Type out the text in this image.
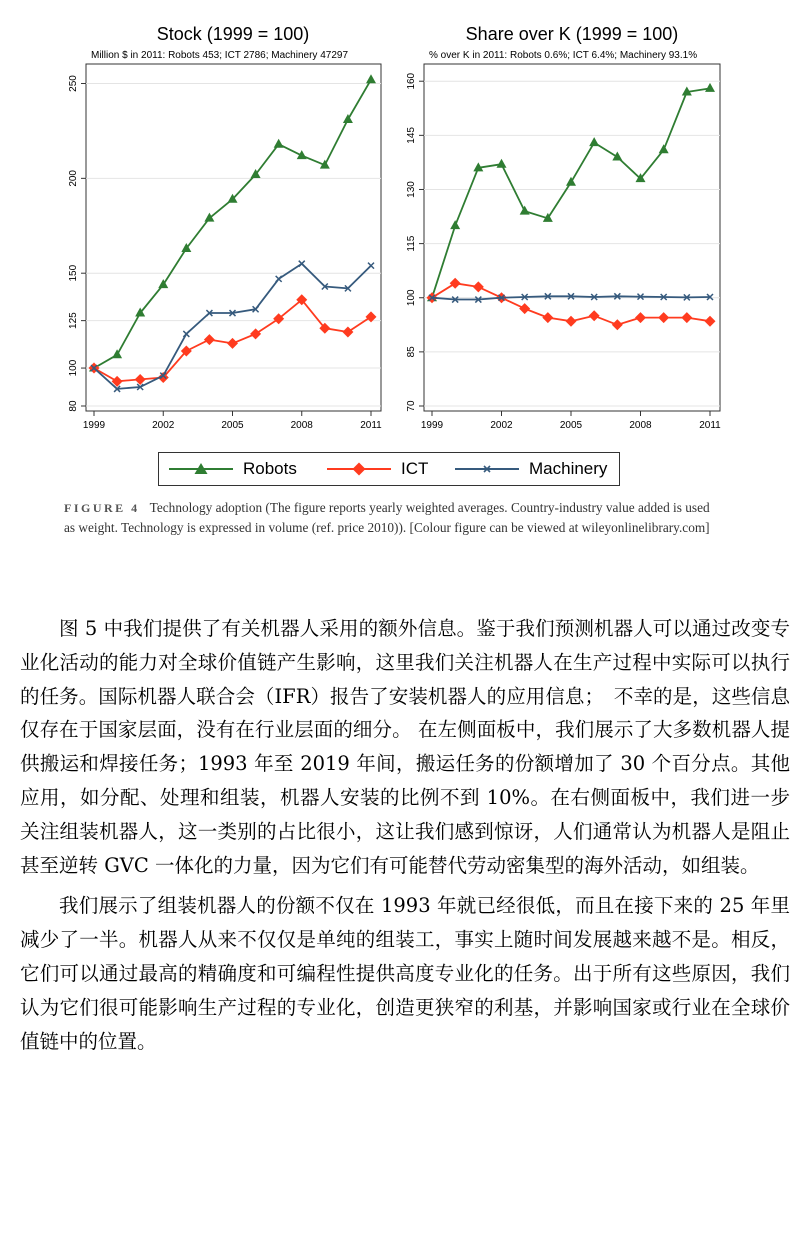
Stock (1999 = 100)
Million $ in 2011: Robots 453; ICT 2786; Machinery 47297
80
100
125
150
200
250
1999	2002	2005	2008	2011
Share over K (1999 = 100)
% over K in 2011: Robots 0.6%; ICT 6.4%; Machinery 93.1%
70
85
100
115
130
145
160
1999	2002	2005	2008	2011
Robots	ICT	Machinery
FIGURE 4 Technology adoption (The figure reports yearly weighted averages. Country-industry value added is used as weight. Technology is expressed in volume (ref. price 2010)). [Colour figure can be viewed at wileyonlinelibrary.com]

图 5 中我们提供了有关机器人采用的额外信息。鉴于我们预测机器人可以通过改变专业化活动的能力对全球价值链产生影响，这里我们关注机器人在生产过程中实际可以执行的任务。国际机器人联合会（IFR）报告了安装机器人的应用信息；　不幸的是，这些信息仅存在于国家层面，没有在行业层面的细分。 在左侧面板中，我们展示了大多数机器人提供搬运和焊接任务；1993 年至 2019 年间，搬运任务的份额增加了 30 个百分点。其他应用，如分配、处理和组装，机器人安装的比例不到 10%。在右侧面板中，我们进一步关注组装机器人，这一类别的占比很小，这让我们感到惊讶，人们通常认为机器人是阻止甚至逆转 GVC 一体化的力量，因为它们有可能替代劳动密集型的海外活动，如组装。

我们展示了组装机器人的份额不仅在 1993 年就已经很低，而且在接下来的 25 年里减少了一半。机器人从来不仅仅是单纯的组装工，事实上随时间发展越来越不是。相反，它们可以通过最高的精确度和可编程性提供高度专业化的任务。出于所有这些原因，我们认为它们很可能影响生产过程的专业化，创造更狭窄的利基，并影响国家或行业在全球价值链中的位置。
